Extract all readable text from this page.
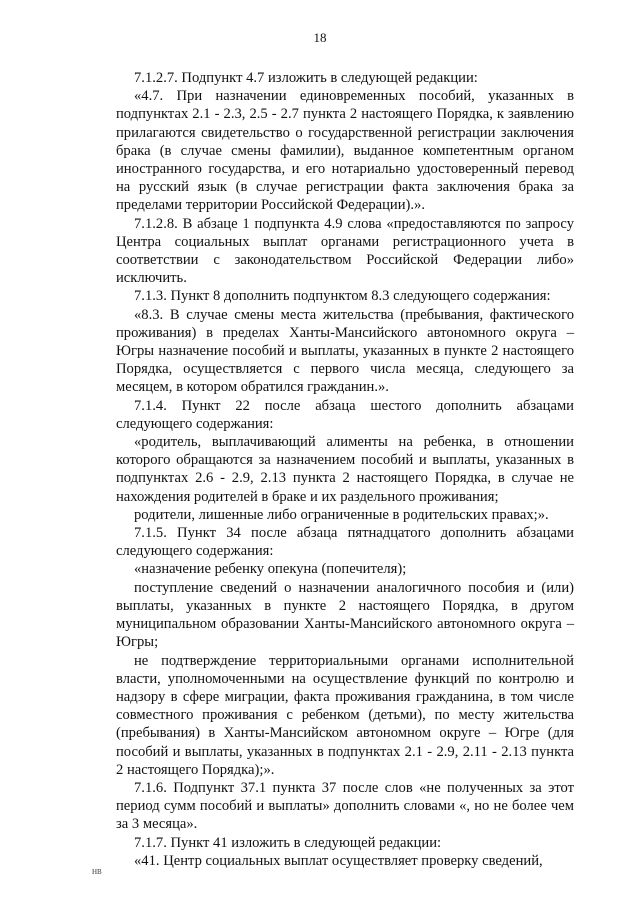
18

7.1.2.7. Подпункт 4.7 изложить в следующей редакции:

«4.7. При назначении единовременных пособий, указанных в подпунктах 2.1 - 2.3, 2.5 - 2.7 пункта 2 настоящего Порядка, к заявлению прилагаются свидетельство о государственной регистрации заключения брака (в случае смены фамилии), выданное компетентным органом иностранного государства, и его нотариально удостоверенный перевод на русский язык (в случае регистрации факта заключения брака за пределами территории Российской Федерации).».

7.1.2.8. В абзаце 1 подпункта 4.9 слова «предоставляются по запросу Центра социальных выплат органами регистрационного учета в соответствии с законодательством Российской Федерации либо» исключить.

7.1.3. Пункт 8 дополнить подпунктом 8.3 следующего содержания:

«8.3. В случае смены места жительства (пребывания, фактического проживания) в пределах Ханты-Мансийского автономного округа – Югры назначение пособий и выплаты, указанных в пункте 2 настоящего Порядка, осуществляется с первого числа месяца, следующего за месяцем, в котором обратился гражданин.».

7.1.4. Пункт 22 после абзаца шестого дополнить абзацами следующего содержания:

«родитель, выплачивающий алименты на ребенка, в отношении которого обращаются за назначением пособий и выплаты, указанных в подпунктах 2.6 - 2.9, 2.13 пункта 2 настоящего Порядка, в случае не нахождения родителей в браке и их раздельного проживания;

родители, лишенные либо ограниченные в родительских правах;».

7.1.5. Пункт 34 после абзаца пятнадцатого дополнить абзацами следующего содержания:

«назначение ребенку опекуна (попечителя);

поступление сведений о назначении аналогичного пособия и (или) выплаты, указанных в пункте 2 настоящего Порядка, в другом муниципальном образовании Ханты-Мансийского автономного округа – Югры;

не подтверждение территориальными органами исполнительной власти, уполномоченными на осуществление функций по контролю и надзору в сфере миграции, факта проживания гражданина, в том числе совместного проживания с ребенком (детьми), по месту жительства (пребывания) в Ханты-Мансийском автономном округе – Югре (для пособий и выплаты, указанных в подпунктах 2.1 - 2.9, 2.11 - 2.13 пункта 2 настоящего Порядка);».

7.1.6. Подпункт 37.1 пункта 37 после слов «не полученных за этот период сумм пособий и выплаты» дополнить словами «, но не более чем за 3 месяца».

7.1.7. Пункт 41 изложить в следующей редакции:

«41. Центр социальных выплат осуществляет проверку сведений,

НВ
